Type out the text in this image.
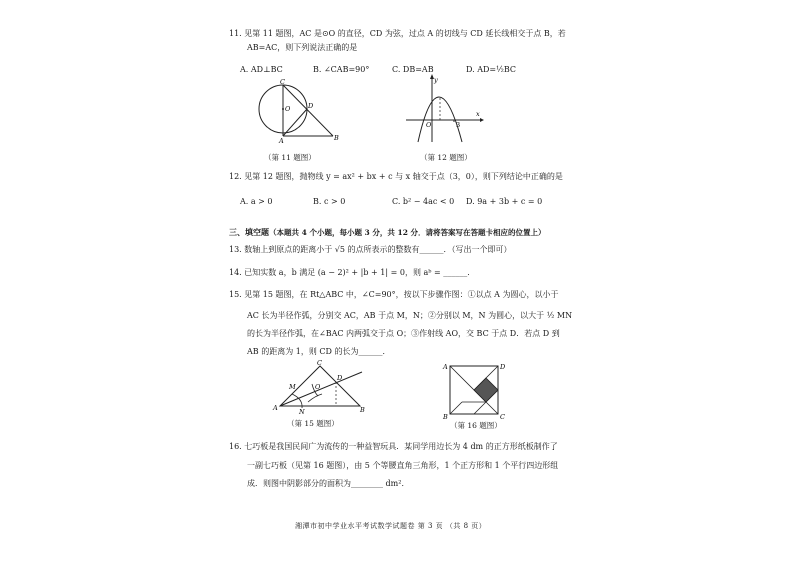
11. 见第 11 题图，AC 是⊙O 的直径，CD 为弦，过点 A 的切线与 CD 延长线相交于点 B，若
AB=AC，则下列说法正确的是
A. AD⊥BC	B. ∠CAB=90°	C. DB=AB	D. AD=½BC
C
O	D
A	B
（第 11 题图）
y
O	3
x
（第 12 题图）
12. 见第 12 题图，抛物线 y = ax² + bx + c 与 x 轴交于点（3，0），则下列结论中正确的是
A. a > 0	B. c > 0	C. b² − 4ac < 0 D. 9a + 3b + c = 0
三、填空题（本题共 4 个小题，每小题 3 分，共 12 分．请将答案写在答题卡相应的位置上）
13. 数轴上到原点的距离小于 √5 的点所表示的整数有______．（写出一个即可）
14. 已知实数 a，b 满足 (a − 2)² + |b + 1| = 0，则 aᵇ = ______．
15. 见第 15 题图，在 Rt△ABC 中，∠C=90°，按以下步骤作图：①以点 A 为圆心，以小于
AC 长为半径作弧，分别交 AC，AB 于点 M，N；②分别以 M，N 为圆心，以大于 ½ MN
的长为半径作弧，在∠BAC 内两弧交于点 O；③作射线 AO，交 BC 于点 D．若点 D 到
AB 的距离为 1，则 CD 的长为______．
C
D
O
M
A	N	B
（第 15 题图）
A	D
B	C
（第 16 题图）
16. 七巧板是我国民间广为流传的一种益智玩具．某同学用边长为 4 dm 的正方形纸板制作了
一副七巧板（见第 16 题图），由 5 个等腰直角三角形，1 个正方形和 1 个平行四边形组
成．则图中阴影部分的面积为________ dm²．
湘潭市初中学业水平考试数学试题卷 第 3 页 （共 8 页）
